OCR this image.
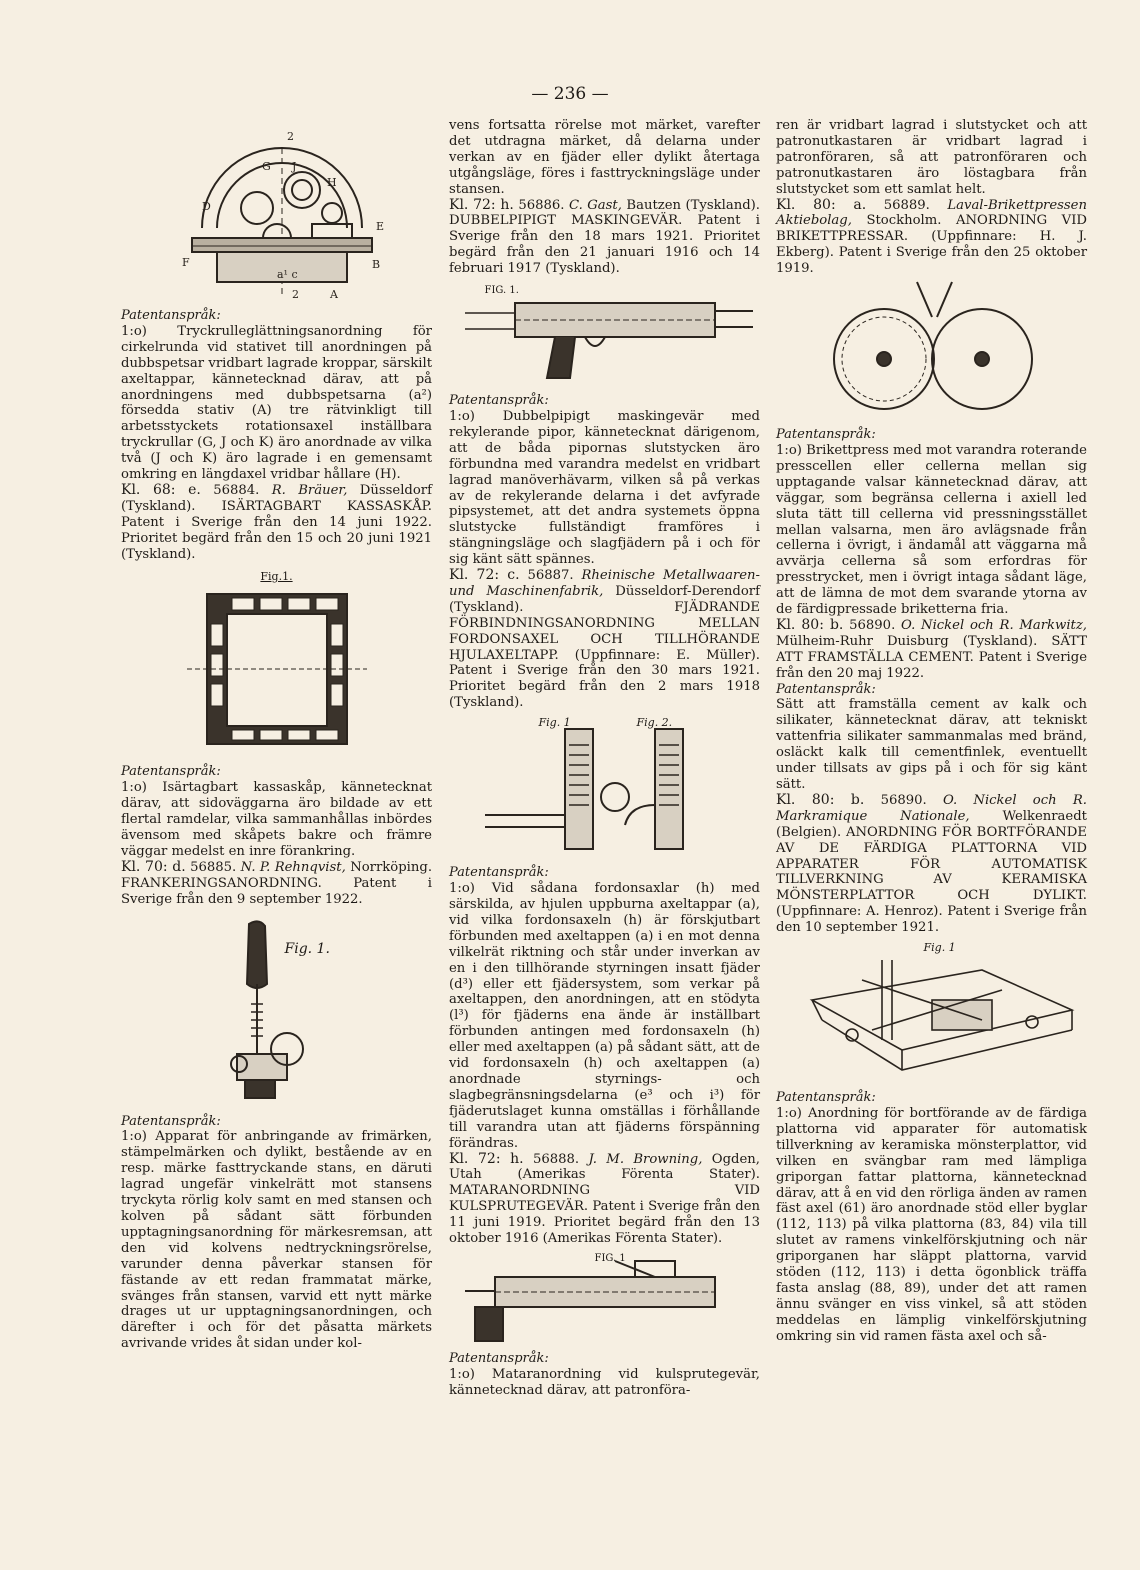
— 236 —
2
G J
H
D
E
B
F
2	A
a¹ c

Patentanspråk:

1:o) Tryckrulleglättningsanordning för cirkelrunda vid stativet till anordningen på dubbspetsar vridbart lagrade kroppar, särskilt axeltappar, kännetecknad därav, att på anordningens med dubbspetsarna (a²) försedda stativ (A) tre rätvinkligt till arbetsstyckets rotationsaxel inställbara tryckrullar (G, J och K) äro anordnade av vilka två (J och K) äro lagrade i en gemensamt omkring en längdaxel vridbar hållare (H).

Kl. 68: e. 56884. R. Bräuer, Düsseldorf (Tyskland). ISÄRTAGBART KASSASKÅP. Patent i Sverige från den 14 juni 1922. Prioritet begärd från den 15 och 20 juni 1921 (Tyskland).

Fig.1.

Patentanspråk:

1:o) Isärtagbart kassaskåp, kännetecknat därav, att sidoväggarna äro bildade av ett flertal ramdelar, vilka sammanhållas inbördes ävensom med skåpets bakre och främre väggar medelst en inre förankring.

Kl. 70: d. 56885. N. P. Rehnqvist, Norrköping. FRANKERINGSANORDNING. Patent i Sverige från den 9 september 1922.

Fig. 1.

Patentanspråk:

1:o) Apparat för anbringande av frimärken, stämpelmärken och dylikt, bestående av en resp. märke fasttryckande stans, en däruti lagrad ungefär vinkelrätt mot stansens tryckyta rörlig kolv samt en med stansen och kolven på sådant sätt förbunden upptagningsanordning för märkesremsan, att den vid kolvens nedtryckningsrörelse, varunder denna påverkar stansen för fästande av ett redan frammatat märke, svänges från stansen, varvid ett nytt märke drages ut ur upptagningsanordningen, och därefter i och för det påsatta märkets avrivande vrides åt sidan under kol-

vens fortsatta rörelse mot märket, varefter det utdragna märket, då delarna under verkan av en fjäder eller dylikt återtaga utgångsläge, föres i fasttryckningsläge under stansen.

Kl. 72: h. 56886. C. Gast, Bautzen (Tyskland). DUBBELPIPIGT MASKINGEVÄR. Patent i Sverige från den 18 mars 1921. Prioritet begärd från den 21 januari 1916 och 14 februari 1917 (Tyskland).

FIG. 1.

Patentanspråk:

1:o) Dubbelpipigt maskingevär med rekylerande pipor, kännetecknat därigenom, att de båda pipornas slutstycken äro förbundna med varandra medelst en vridbart lagrad manöverhävarm, vilken så på verkas av de rekylerande delarna i det avfyrade pipsystemet, att det andra systemets öppna slutstycke fullständigt framföres i stängningsläge och slagfjädern på i och för sig känt sätt spännes.

Kl. 72: c. 56887. Rheinische Metallwaaren- und Maschinenfabrik, Düsseldorf-Derendorf (Tyskland). FJÄDRANDE FÖRBINDNINGSANORDNING MELLAN FORDONSAXEL OCH TILLHÖRANDE HJULAXELTAPP. (Uppfinnare: E. Müller). Patent i Sverige från den 30 mars 1921. Prioritet begärd från den 2 mars 1918 (Tyskland).

Fig. 1	Fig. 2.

Patentanspråk:

1:o) Vid sådana fordonsaxlar (h) med särskilda, av hjulen uppburna axeltappar (a), vid vilka fordonsaxeln (h) är förskjutbart förbunden med axeltappen (a) i en mot denna vilkelrät riktning och står under inverkan av en i den tillhörande styrningen insatt fjäder (d³) eller ett fjädersystem, som verkar på axeltappen, den anordningen, att en stödyta (l³) för fjäderns ena ände är inställbart förbunden antingen med fordonsaxeln (h) eller med axeltappen (a) på sådant sätt, att de vid fordonsaxeln (h) och axeltappen (a) anordnade styrnings- och slagbegränsningsdelarna (e³ och i³) för fjäderutslaget kunna omställas i förhållande till varandra utan att fjäderns förspänning förändras.

Kl. 72: h. 56888. J. M. Browning, Ogden, Utah (Amerikas Förenta Stater). MATARANORDNING VID KULSPRUTEGEVÄR. Patent i Sverige från den 11 juni 1919. Prioritet begärd från den 13 oktober 1916 (Amerikas Förenta Stater).

FIG. 1

Patentanspråk:

1:o) Mataranordning vid kulsprutegevär, kännetecknad därav, att patronföra-

ren är vridbart lagrad i slutstycket och att patronutkastaren är vridbart lagrad i patronföraren, så att patronföraren och patronutkastaren äro löstagbara från slutstycket som ett samlat helt.

Kl. 80: a. 56889. Laval-Brikettpressen Aktiebolag, Stockholm. ANORDNING VID BRIKETTPRESSAR. (Uppfinnare: H. J. Ekberg). Patent i Sverige från den 25 oktober 1919.

Patentanspråk:

1:o) Brikettpress med mot varandra roterande presscellen eller cellerna mellan sig upptagande valsar kännetecknad därav, att väggar, som begränsa cellerna i axiell led sluta tätt till cellerna vid pressningsstället mellan valsarna, men äro avlägsnade från cellerna i övrigt, i ändamål att väggarna må avvärja cellerna så som erfordras för presstrycket, men i övrigt intaga sådant läge, att de lämna de mot dem svarande ytorna av de färdigpressade briketterna fria.

Kl. 80: b. 56890. O. Nickel och R. Markwitz, Mülheim-Ruhr Duisburg (Tyskland). SÄTT ATT FRAMSTÄLLA CEMENT. Patent i Sverige från den 20 maj 1922.

Patentanspråk:

Sätt att framställa cement av kalk och silikater, kännetecknat därav, att tekniskt vattenfria silikater sammanmalas med bränd, osläckt kalk till cementfinlek, eventuellt under tillsats av gips på i och för sig känt sätt.

Kl. 80: b. 56890. O. Nickel och R. Markramique Nationale, Welkenraedt (Belgien). ANORDNING FÖR BORTFÖRANDE AV DE FÄRDIGA PLATTORNA VID APPARATER FÖR AUTOMATISK TILLVERKNING AV KERAMISKA MÖNSTERPLATTOR OCH DYLIKT. (Uppfinnare: A. Henroz). Patent i Sverige från den 10 september 1921.

Fig. 1

Patentanspråk:

1:o) Anordning för bortförande av de färdiga plattorna vid apparater för automatisk tillverkning av keramiska mönsterplattor, vid vilken en svängbar ram med lämpliga griporgan fattar plattorna, kännetecknad därav, att å en vid den rörliga änden av ramen fäst axel (61) äro anordnade stöd eller byglar (112, 113) på vilka plattorna (83, 84) vila till slutet av ramens vinkelförskjutning och när griporganen har släppt plattorna, varvid stöden (112, 113) i detta ögonblick träffa fasta anslag (88, 89), under det att ramen ännu svänger en viss vinkel, så att stöden meddelas en lämplig vinkelförskjutning omkring sin vid ramen fästa axel och så-
